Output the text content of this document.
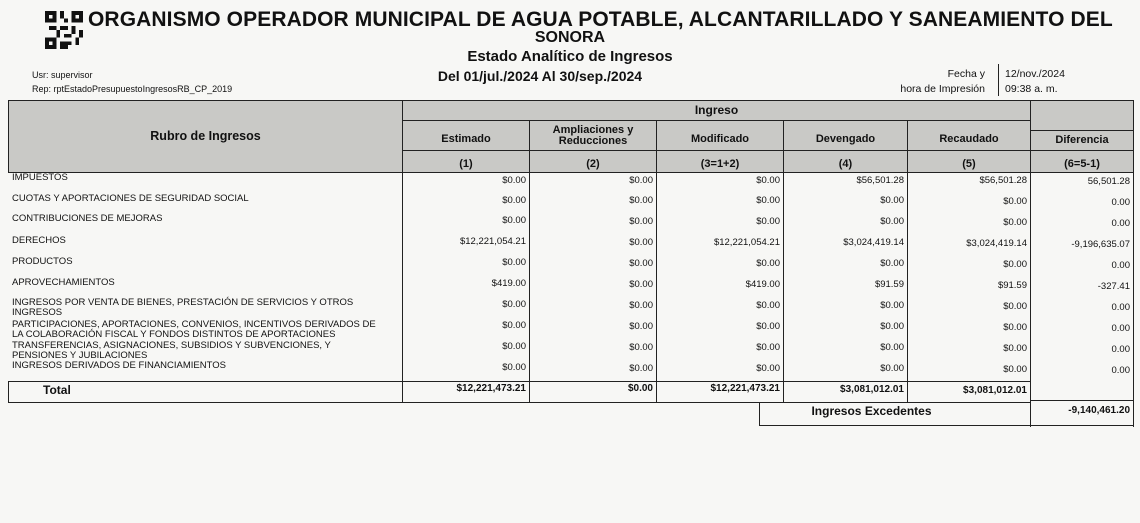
ORGANISMO OPERADOR MUNICIPAL DE AGUA POTABLE, ALCANTARILLADO Y SANEAMIENTO DEL
SONORA
Estado Analítico de Ingresos
Del 01/jul./2024 Al 30/sep./2024
Usr: supervisor
Rep: rptEstadoPresupuestoIngresosRB_CP_2019
Fecha y
hora de Impresión
12/nov./2024
09:38 a. m.
Rubro de Ingresos
Ingreso
Estimado
Ampliaciones y Reducciones	Modificado	Devengado	Recaudado	Diferencia
(1)	(2)	(3=1+2)	(4)	(5)	(6=5-1)
IMPUESTOS	$0.00	$0.00	$0.00	$56,501.28	$56,501.28	56,501.28
CUOTAS Y APORTACIONES DE SEGURIDAD SOCIAL	$0.00	$0.00	$0.00	$0.00	$0.00	0.00
CONTRIBUCIONES DE MEJORAS	$0.00	$0.00	$0.00	$0.00	$0.00	0.00
DERECHOS	$12,221,054.21	$0.00	$12,221,054.21	$3,024,419.14	$3,024,419.14	-9,196,635.07
PRODUCTOS	$0.00	$0.00	$0.00	$0.00	$0.00	0.00
APROVECHAMIENTOS	$419.00	$0.00	$419.00	$91.59	$91.59	-327.41
INGRESOS POR VENTA DE BIENES, PRESTACIÓN DE SERVICIOS Y OTROS INGRESOS
$0.00	$0.00	$0.00	$0.00	$0.00	0.00
PARTICIPACIONES, APORTACIONES, CONVENIOS, INCENTIVOS DERIVADOS DE LA COLABORACIÓN FISCAL Y FONDOS DISTINTOS DE APORTACIONES
$0.00	$0.00	$0.00	$0.00	$0.00	0.00
TRANSFERENCIAS, ASIGNACIONES, SUBSIDIOS Y SUBVENCIONES, Y PENSIONES Y JUBILACIONES
$0.00	$0.00	$0.00	$0.00	$0.00	0.00
INGRESOS DERIVADOS DE FINANCIAMIENTOS	$0.00	$0.00	$0.00	$0.00	$0.00	0.00
Total	$12,221,473.21	$0.00	$12,221,473.21	$3,081,012.01	$3,081,012.01
Ingresos Excedentes	-9,140,461.20
